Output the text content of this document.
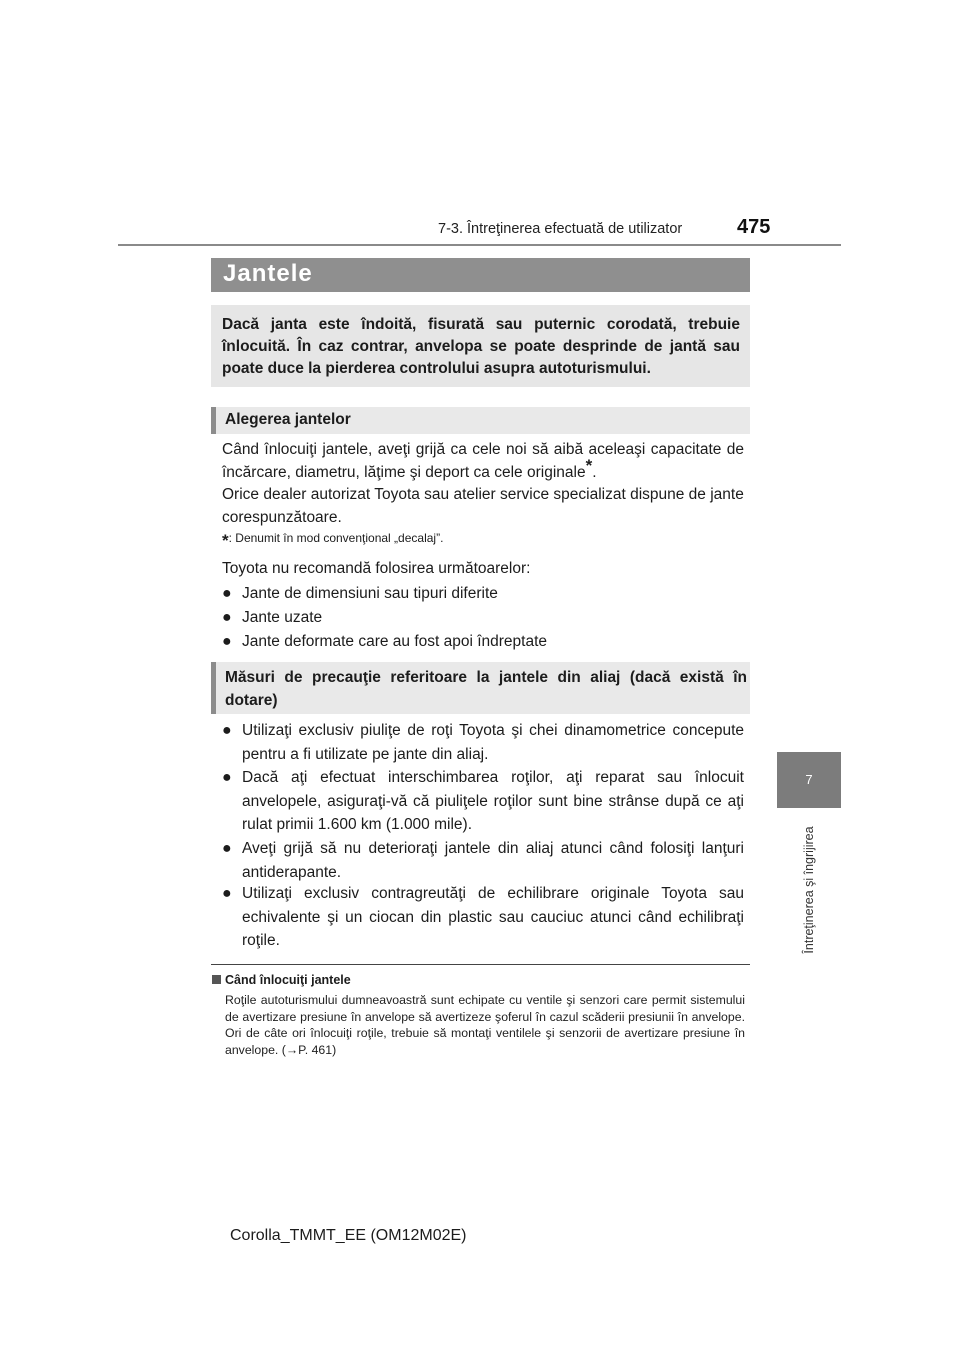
7-3. Întreţinerea efectuată de utilizator	475
7
Întreţinerea şi îngrijirea
Jantele
Dacă janta este îndoită, fisurată sau puternic corodată, trebuie înlocuită. În caz contrar, anvelopa se poate desprinde de jantă sau poate duce la pierderea controlului asupra autoturismului.
Alegerea jantelor
Când înlocuiţi jantele, aveţi grijă ca cele noi să aibă aceleaşi capacitate de încărcare, diametru, lăţime şi deport ca cele originale*.
Orice dealer autorizat Toyota sau atelier service specializat dispune de jante corespunzătoare.
*: Denumit în mod convenţional „decalaj”.
Toyota nu recomandă folosirea următoarelor:
● Jante de dimensiuni sau tipuri diferite
● Jante uzate
● Jante deformate care au fost apoi îndreptate
Măsuri de precauţie referitoare la jantele din aliaj (dacă există în dotare)
● Utilizaţi exclusiv piuliţe de roţi Toyota şi chei dinamometrice concepute pentru a fi utilizate pe jante din aliaj.
● Dacă aţi efectuat interschimbarea roţilor, aţi reparat sau înlocuit anvelopele, asiguraţi-vă că piuliţele roţilor sunt bine strânse după ce aţi rulat primii 1.600 km (1.000 mile).
● Aveţi grijă să nu deterioraţi jantele din aliaj atunci când folosiţi lanţuri antiderapante.
● Utilizaţi exclusiv contragreutăţi de echilibrare originale Toyota sau echivalente şi un ciocan din plastic sau cauciuc atunci când echilibraţi roţile.
Când înlocuiţi jantele
Roţile autoturismului dumneavoastră sunt echipate cu ventile şi senzori care permit sistemului de avertizare presiune în anvelope să avertizeze şoferul în cazul scăderii presiunii în anvelope. Ori de câte ori înlocuiţi roţile, trebuie să montaţi ventilele şi senzorii de avertizare presiune în anvelope. (→P. 461)
Corolla_TMMT_EE (OM12M02E)
